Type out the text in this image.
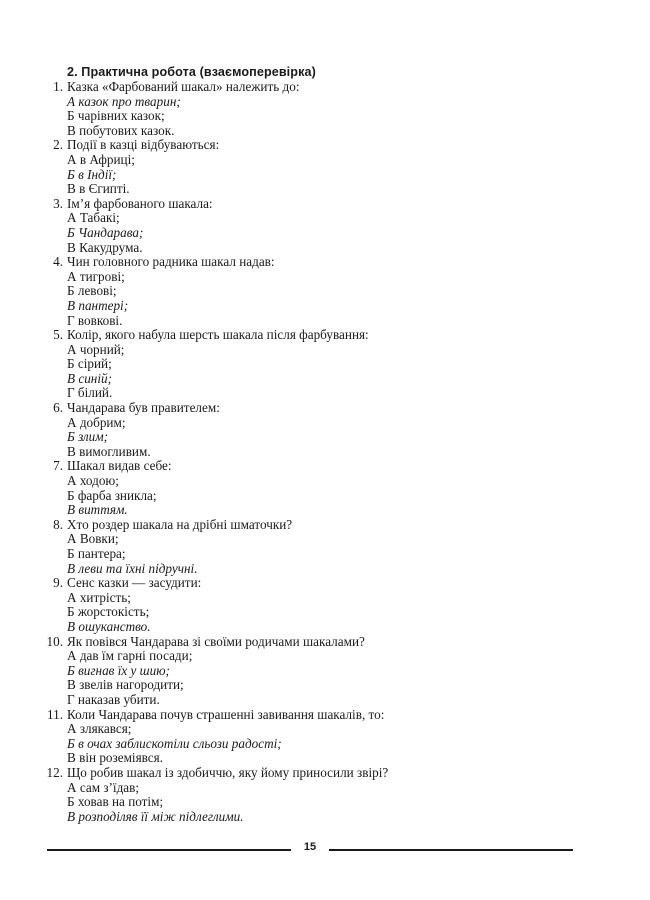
2. Практична робота (взаємоперевірка)
1. Казка «Фарбований шакал» належить до:
А казок про тварин;
Б чарівних казок;
В побутових казок.
2. Події в казці відбуваються:
А в Африці;
Б в Індії;
В в Єгипті.
3. Ім’я фарбованого шакала:
А Табакі;
Б Чандарава;
В Какудрума.
4. Чин головного радника шакал надав:
А тигрові;
Б левові;
В пантері;
Г вовкові.
5. Колір, якого набула шерсть шакала після фарбування:
А чорний;
Б сірий;
В синій;
Г білий.
6. Чандарава був правителем:
А добрим;
Б злим;
В вимогливим.
7. Шакал видав себе:
А ходою;
Б фарба зникла;
В виттям.
8. Хто роздер шакала на дрібні шматочки?
А Вовки;
Б пантера;
В леви та їхні підручні.
9. Сенс казки — засудити:
А хитрість;
Б жорстокість;
В ошуканство.
10. Як повівся Чандарава зі своїми родичами шакалами?
А дав їм гарні посади;
Б вигнав їх у шию;
В звелів нагородити;
Г наказав убити.
11. Коли Чандарава почув страшенні завивання шакалів, то:
А злякався;
Б в очах заблискотіли сльози радості;
В він роземіявся.
12. Що робив шакал із здобиччю, яку йому приносили звірі?
А сам з’їдав;
Б ховав на потім;
В розподіляв її між підлеглими.
15
